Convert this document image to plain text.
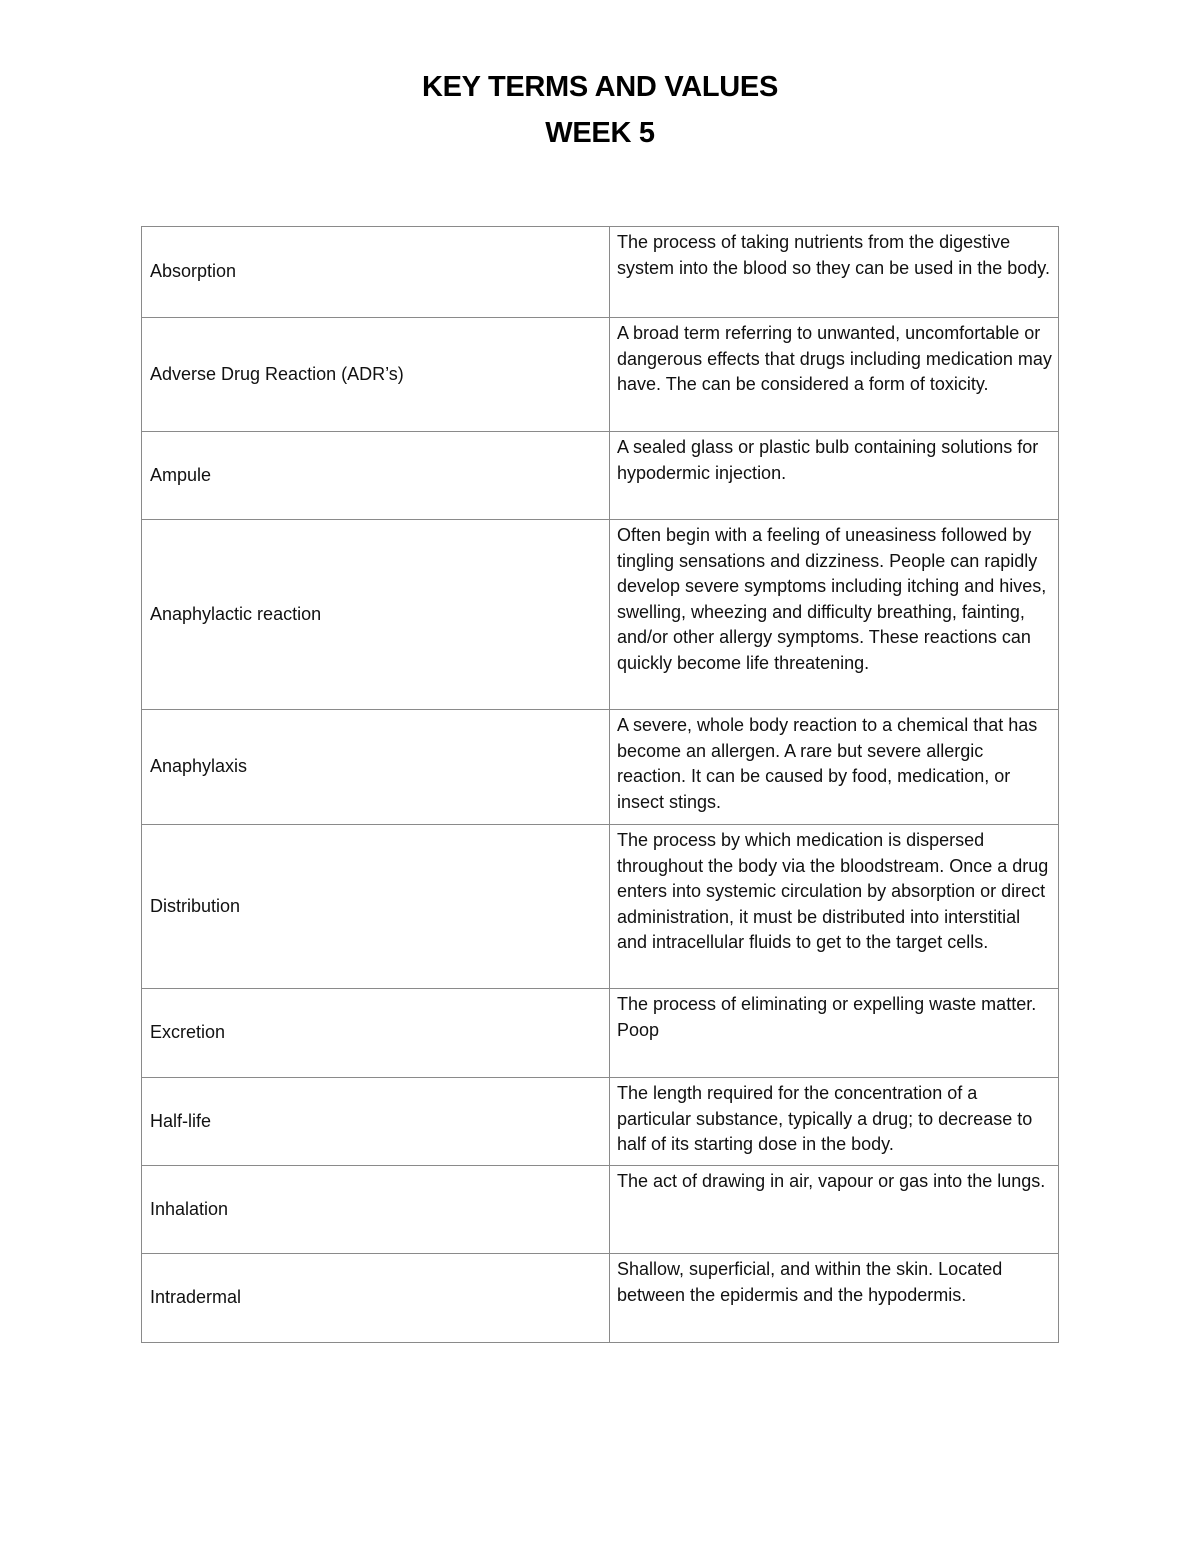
KEY TERMS AND VALUES
WEEK 5
Absorption	The process of taking nutrients from the digestive system into the blood so they can be used in the body.
Adverse Drug Reaction (ADR’s)	A broad term referring to unwanted, uncomfortable or dangerous effects that drugs including medication may have. The can be considered a form of toxicity.
Ampule	A sealed glass or plastic bulb containing solutions for hypodermic injection.
Anaphylactic reaction	Often begin with a feeling of uneasiness followed by tingling sensations and dizziness. People can rapidly develop severe symptoms including itching and hives, swelling, wheezing and difficulty breathing, fainting, and/or other allergy symptoms. These reactions can quickly become life threatening.
Anaphylaxis	A severe, whole body reaction to a chemical that has become an allergen. A rare but severe allergic reaction. It can be caused by food, medication, or insect stings.
Distribution	The process by which medication is dispersed throughout the body via the bloodstream. Once a drug enters into systemic circulation by absorption or direct administration, it must be distributed into interstitial and intracellular fluids to get to the target cells.
Excretion	The process of eliminating or expelling waste matter. Poop
Half-life	The length required for the concentration of a particular substance, typically a drug; to decrease to half of its starting dose in the body.
Inhalation	The act of drawing in air, vapour or gas into the lungs.
Intradermal	Shallow, superficial, and within the skin. Located between the epidermis and the hypodermis.
